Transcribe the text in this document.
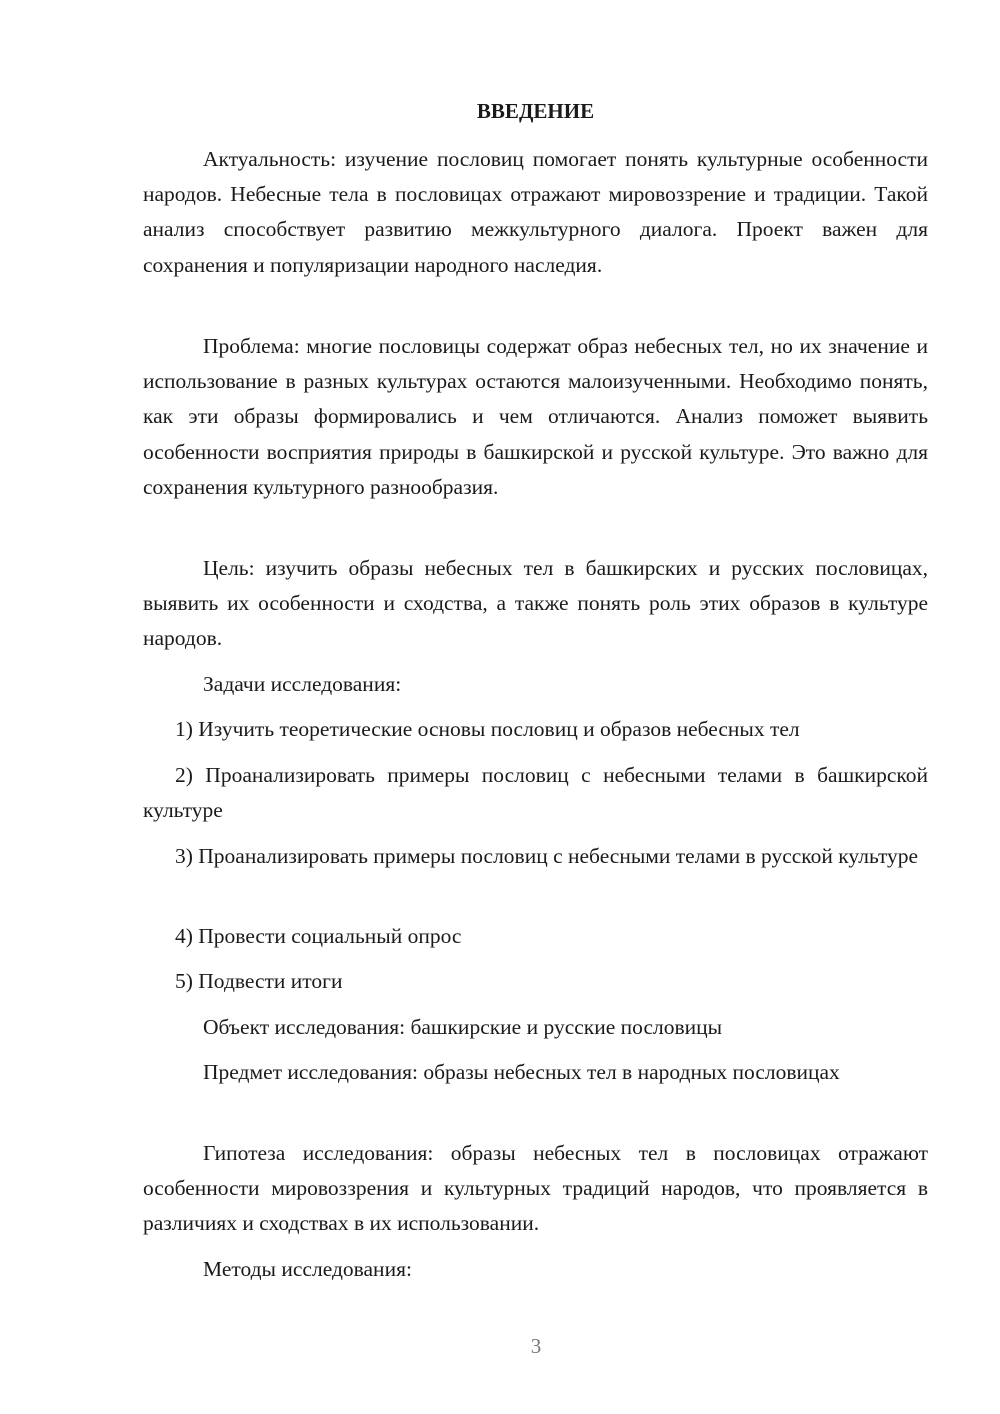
ВВЕДЕНИЕ

Актуальность: изучение пословиц помогает понять культурные особенности народов. Небесные тела в пословицах отражают мировоззрение и традиции. Такой анализ способствует развитию межкультурного диалога. Проект важен для сохранения и популяризации народного наследия.

Проблема: многие пословицы содержат образ небесных тел, но их значение и использование в разных культурах остаются малоизученными. Необходимо понять, как эти образы формировались и чем отличаются. Анализ поможет выявить особенности восприятия природы в башкирской и русской культуре. Это важно для сохранения культурного разнообразия.

Цель: изучить образы небесных тел в башкирских и русских пословицах, выявить их особенности и сходства, а также понять роль этих образов в культуре народов.

Задачи исследования:

1) Изучить теоретические основы пословиц и образов небесных тел

2) Проанализировать примеры пословиц с небесными телами в башкирской культуре

3) Проанализировать примеры пословиц с небесными телами в русской культуре

4) Провести социальный опрос

5) Подвести итоги

Объект исследования: башкирские и русские пословицы

Предмет исследования: образы небесных тел в народных пословицах

Гипотеза исследования: образы небесных тел в пословицах отражают особенности мировоззрения и культурных традиций народов, что проявляется в различиях и сходствах в их использовании.

Методы исследования:

3
